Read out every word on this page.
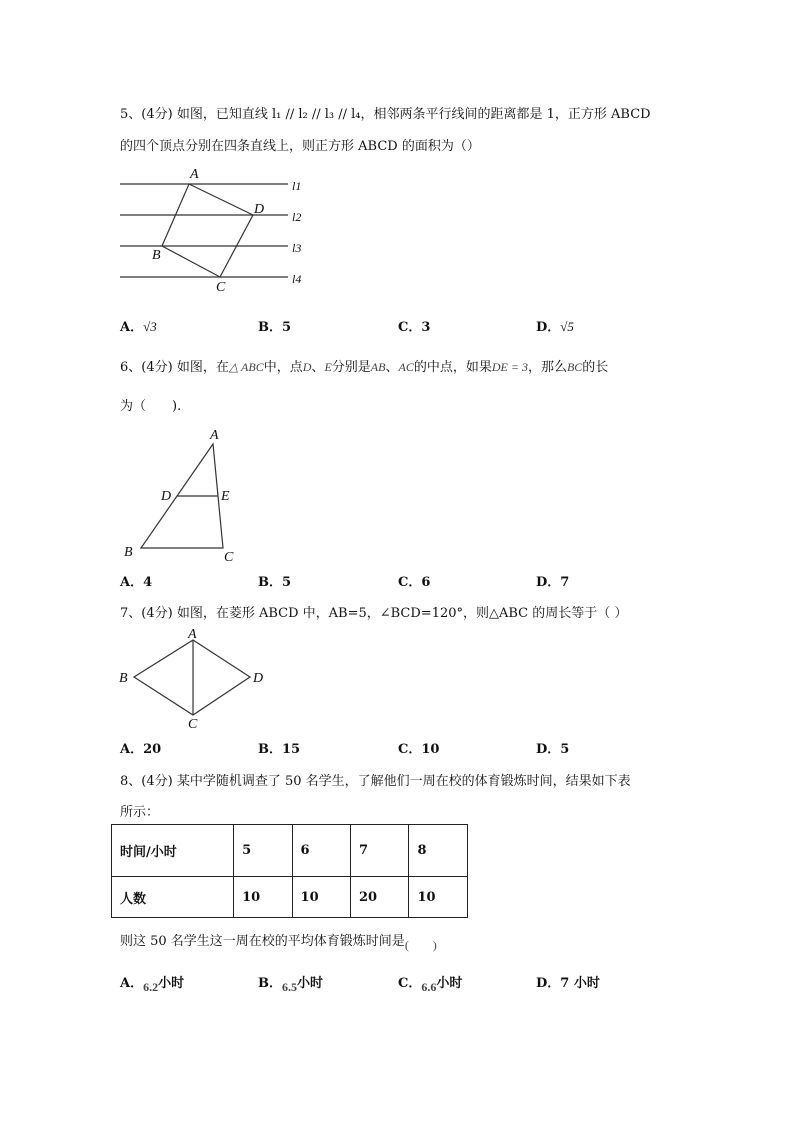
5、(4分) 如图，已知直线 l₁ // l₂ // l₃ // l₄，相邻两条平行线间的距离都是 1，正方形 ABCD
的四个顶点分别在四条直线上，则正方形 ABCD 的面积为（）
A
D
B
C
l1
l2
l3
l4
A．√3	B．5	C．3	D．√5
6、(4分) 如图，在△ ABC中，点D、E分别是AB、AC的中点，如果DE = 3，那么BC的长
为（　　).
A
D	E
B	C
A．4	B．5	C．6	D．7
7、(4分) 如图，在菱形 ABCD 中，AB=5，∠BCD=120°，则△ABC 的周长等于（ ）
A
B	D
C
A．20	B．15	C．10	D．5
8、(4分) 某中学随机调查了 50 名学生，了解他们一周在校的体育锻炼时间，结果如下表
所示：
时间/小时	5	6	7	8
人数	10	10	20	10
则这 50 名学生这一周在校的平均体育锻炼时间是(　　)
A．6.2小时	B．6.5小时	C．6.6小时	D．7 小时
